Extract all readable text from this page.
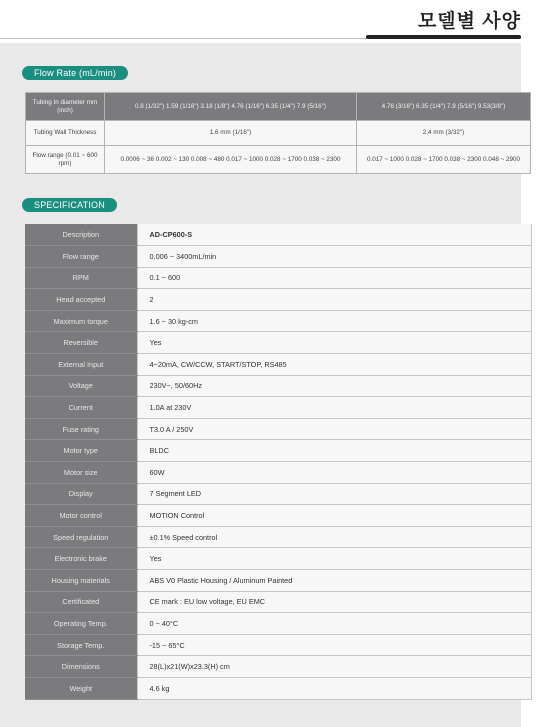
모델별 사양
Flow Rate (mL/min)
Tubing In diameter mm (inch)	0.8 (1/32") 1.59 (1/16") 3.18 (1/8") 4.76 (1/16") 6.35 (1/4") 7.9 (5/16")	4.76 (3/16") 6.35 (1/4") 7.9 (5/16") 9.53(3/8")
Tubing Wall Thickness	1.6 mm (1/16")	2.4 mm (3/32")
Flow range (0.01 ~ 600 rpm)	0.0006 ~ 36 0.002 ~ 130 0.008 ~ 480 0.017 ~ 1000 0.028 ~ 1700 0.038 ~ 2300	0.017 ~ 1000 0.028 ~ 1700 0.038 ~ 2300 0.048 ~ 2900
SPECIFICATION
Description	AD-CP600-S
Flow range	0.006 ~ 3400mL/min
RPM	0.1 ~ 600
Head accepted	2
Maximum torque	1.6 ~ 30 kg-cm
Reversible	Yes
External Input	4~20mA, CW/CCW, START/STOP, RS485
Voltage	230V~, 50/60Hz
Current	1.0A at 230V
Fuse rating	T3.0 A / 250V
Motor type	BLDC
Motor size	60W
Display	7 Segment LED
Motor control	MOTION Control
Speed regulation	±0.1% Speed control
Electronic brake	Yes
Housing materials	ABS V0 Plastic Housing / Aluminum Painted
Certificated	CE mark : EU low voltage, EU EMC
Operating Temp.	0 ~ 40°C
Storage Temp.	-15 ~ 65°C
Dimensions	28(L)x21(W)x23.3(H) cm
Weight	4.6 kg
